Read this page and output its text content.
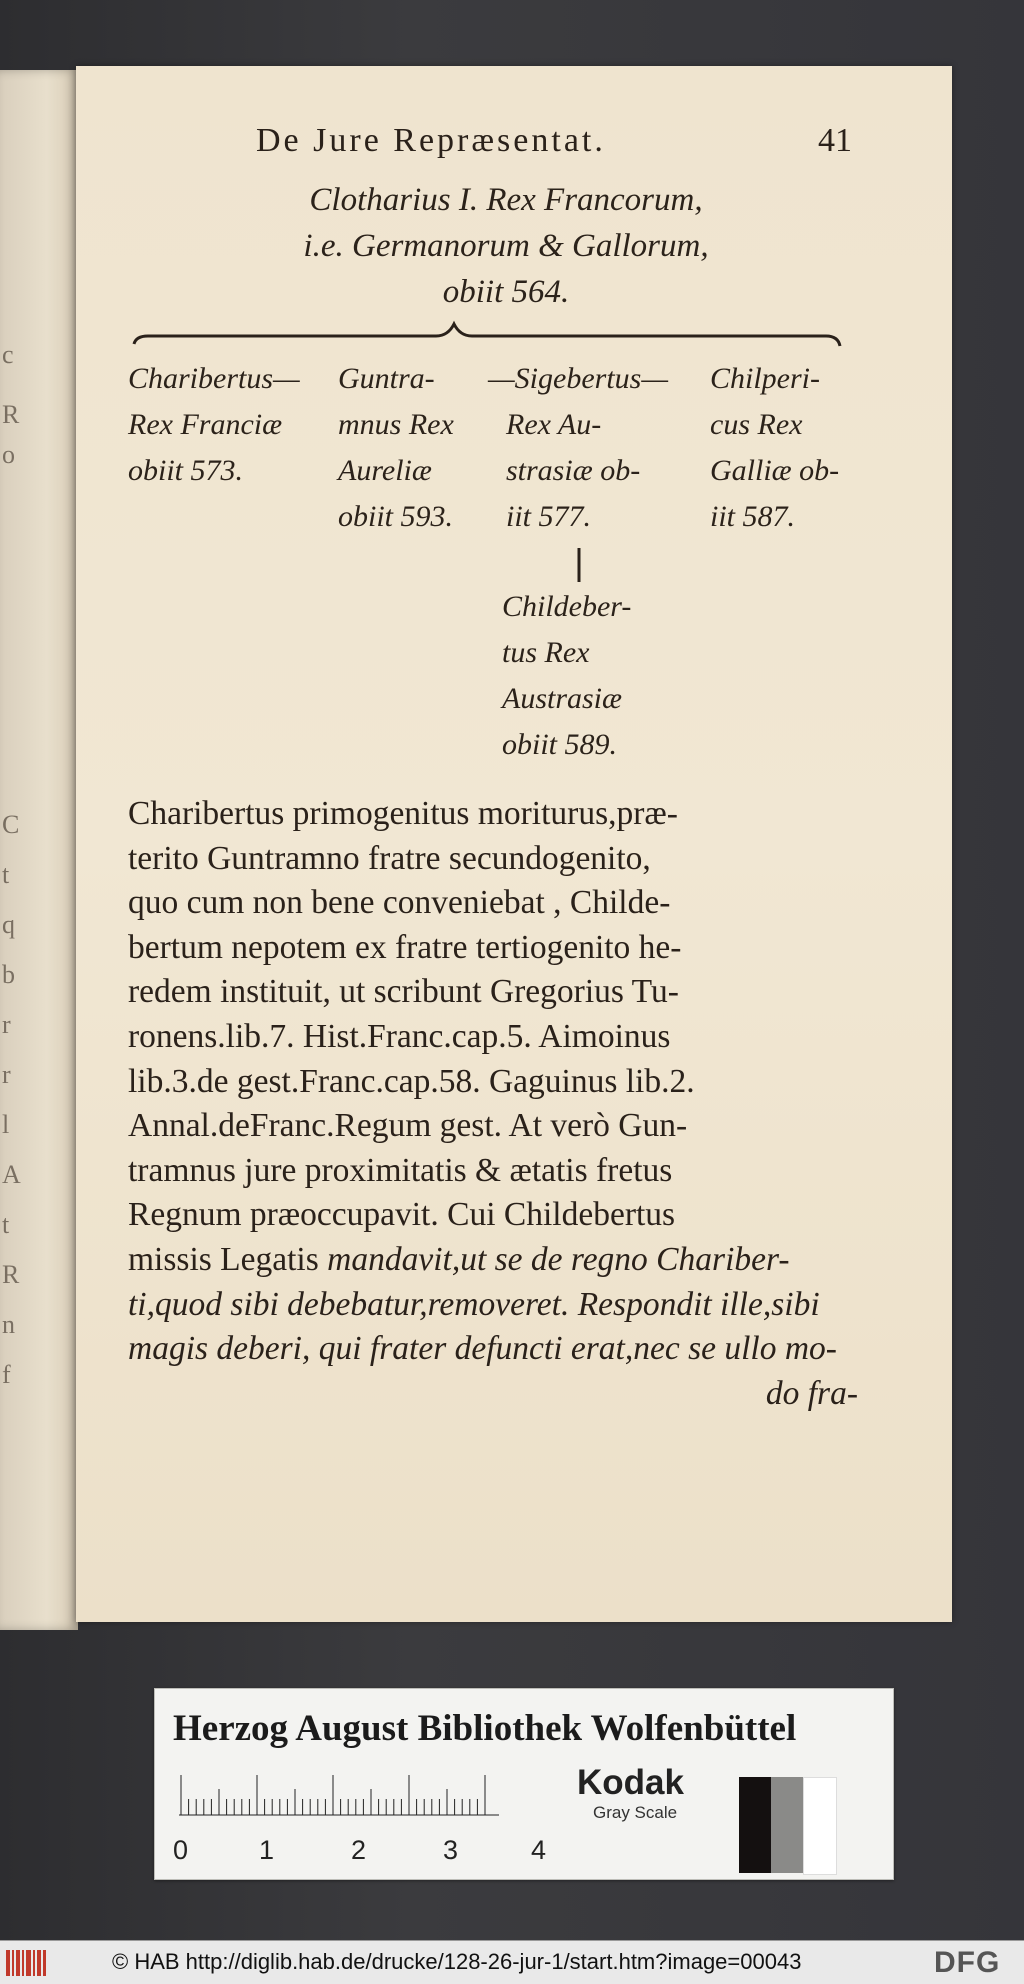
c
R
o
C
t
q
b
r
r
l
A
t
R
n
f
De Jure Repræsentat.	41
Clotharius I. Rex Francorum,
i.e. Germanorum & Gallorum,
obiit 564.
Charibertus—
Rex Franciæ
obiit 573.
Guntra-
mnus Rex
Aureliæ
obiit 593.
—Sigebertus—
Rex Au-
strasiæ ob-
iit 577.
Chilperi-
cus Rex
Galliæ ob-
iit 587.
Childeber-
tus Rex
Austrasiæ
obiit 589.
Charibertus primogenitus moriturus,præ-
terito Guntramno fratre secundogenito,
quo cum non bene conveniebat , Childe-
bertum nepotem ex fratre tertiogenito he-
redem instituit, ut scribunt Gregorius Tu-
ronens.lib.7. Hist.Franc.cap.5. Aimoinus
lib.3.de gest.Franc.cap.58. Gaguinus lib.2.
Annal.deFranc.Regum gest. At verò Gun-
tramnus jure proximitatis & ætatis fretus
Regnum præoccupavit. Cui Childebertus
missis Legatis mandavit,ut se de regno Chariber-
ti,quod sibi debebatur,removeret. Respondit ille,sibi
magis deberi, qui frater defuncti erat,nec se ullo mo-
do fra-
Herzog August Bibliothek Wolfenbüttel
0	1	2	3	4
Kodak
Gray Scale
© HAB http://diglib.hab.de/drucke/128-26-jur-1/start.htm?image=00043	DFG
